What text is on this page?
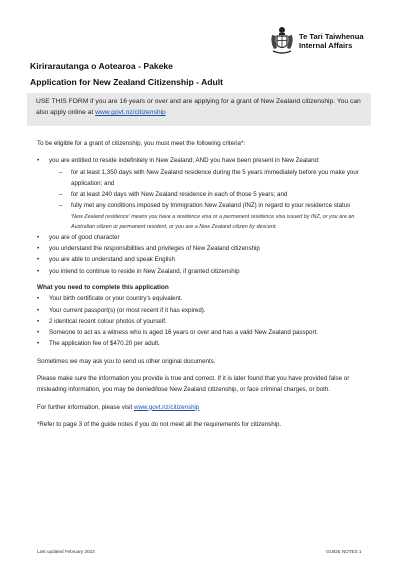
Te Tari Taiwhenua
Internal Affairs
Kirirarautanga o Aotearoa - Pakeke
Application for New Zealand Citizenship - Adult
USE THIS FORM if you are 16 years or over and are applying for a grant of New Zealand citizenship. You can also apply online at www.govt.nz/citizenship

To be eligible for a grant of citizenship, you must meet the following criteria*:

• you are entitled to reside indefinitely in New Zealand; AND you have been present in New Zealand:
– for at least 1,350 days with New Zealand residence during the 5 years immediately before you make your application; and
– for at least 240 days with New Zealand residence in each of those 5 years; and
– fully met any conditions imposed by Immigration New Zealand (INZ) in regard to your residence status
'New Zealand residence' means you have a residence visa or a permanent residence visa issued by INZ, or you are an Australian citizen or permanent resident, or you are a New Zealand citizen by descent.
• you are of good character
• you understand the responsibilities and privileges of New Zealand citizenship
• you are able to understand and speak English
• you intend to continue to reside in New Zealand, if granted citizenship
What you need to complete this application
• Your birth certificate or your country's equivalent.
• Your current passport(s) (or most recent if it has expired).
• 2 identical recent colour photos of yourself.
• Someone to act as a witness who is aged 16 years or over and has a valid New Zealand passport.
• The application fee of $470.20 per adult.

Sometimes we may ask you to send us other original documents.

Please make sure the information you provide is true and correct. If it is later found that you have provided false or misleading information, you may be denied/lose New Zealand citizenship, or face criminal charges, or both.

For further information, please visit www.govt.nz/citizenship

*Refer to page 3 of the guide notes if you do not meet all the requirements for citizenship.

Last updated February 2023	GUIDE NOTES 1
